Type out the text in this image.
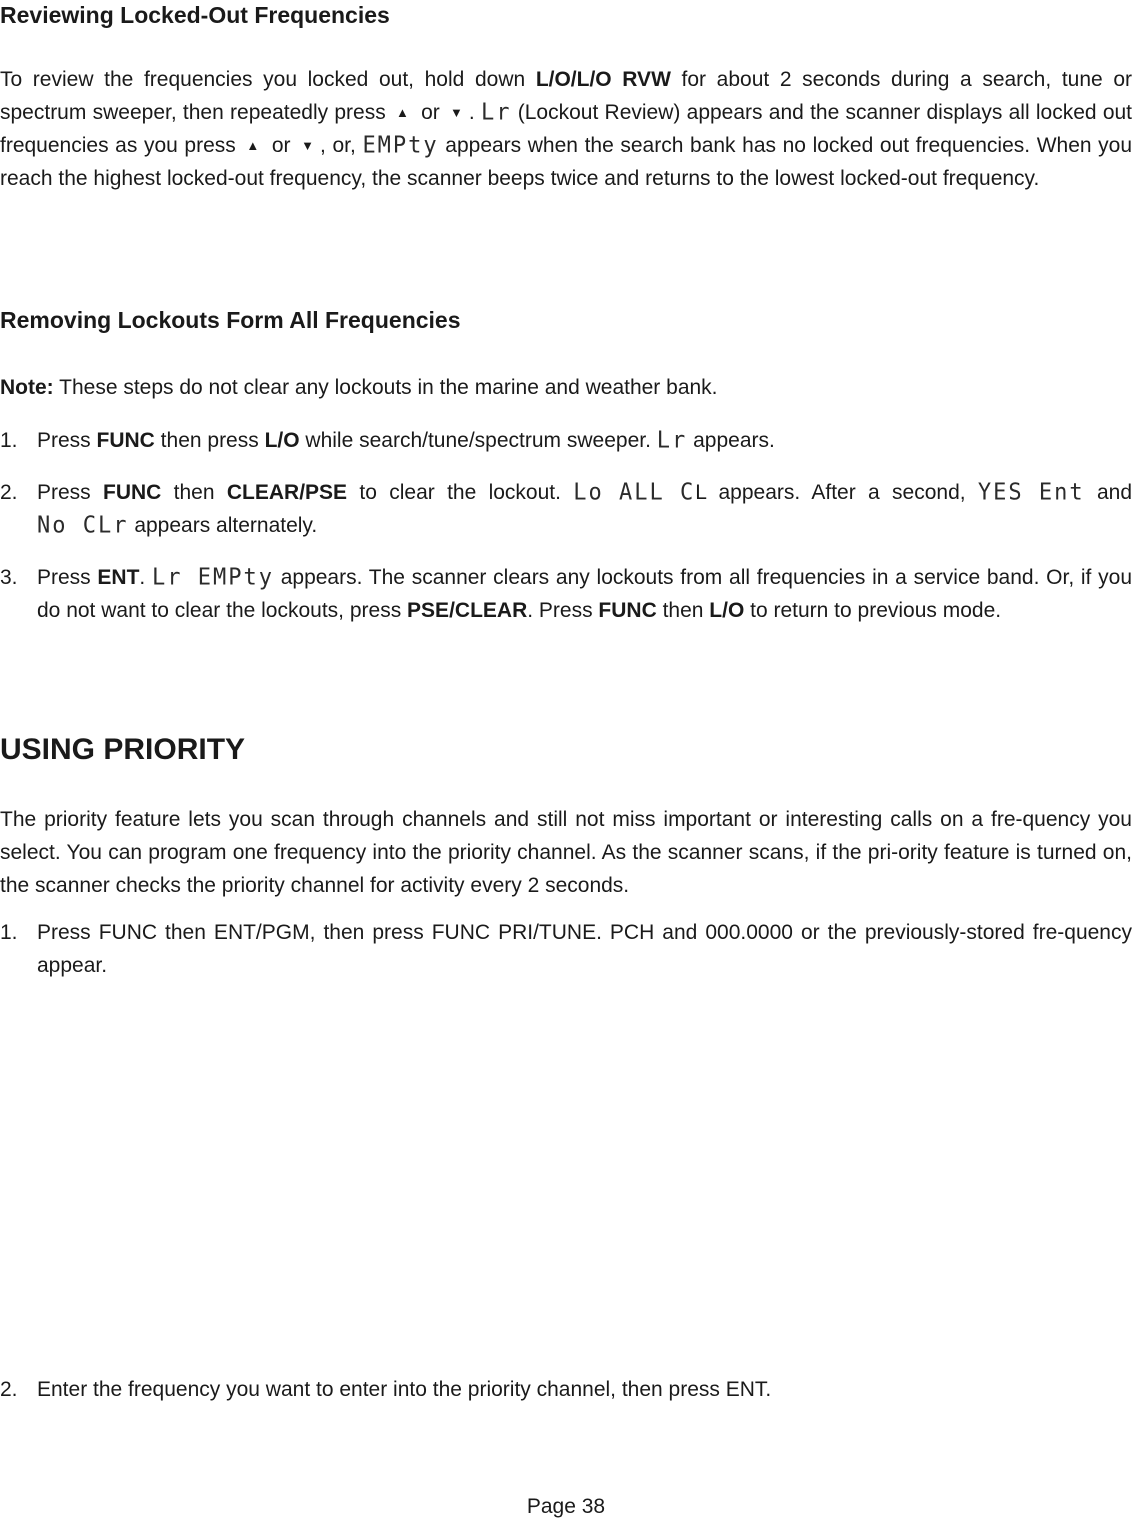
Reviewing Locked-Out Frequencies

To review the frequencies you locked out, hold down L/O/L/O RVW for about 2 seconds during a search, tune or spectrum sweeper, then repeatedly press ▲ or ▼ . Lr (Lockout Review) appears and the scanner displays all locked out frequencies as you press ▲ or ▼ , or, EMPty appears when the search bank has no locked out frequencies. When you reach the highest locked-out frequency, the scanner beeps twice and returns to the lowest locked-out frequency.

Removing Lockouts Form All Frequencies

Note: These steps do not clear any lockouts in the marine and weather bank.

1. Press FUNC then press L/O while search/tune/spectrum sweeper. Lr appears.
2. Press FUNC then CLEAR/PSE to clear the lockout. Lo ALL CL appears. After a second, YES Ent and No CLr appears alternately.
3. Press ENT. Lr EMPty appears. The scanner clears any lockouts from all frequencies in a service band. Or, if you do not want to clear the lockouts, press PSE/CLEAR. Press FUNC then L/O to return to previous mode.
USING PRIORITY

The priority feature lets you scan through channels and still not miss important or interesting calls on a fre-quency you select. You can program one frequency into the priority channel. As the scanner scans, if the pri-ority feature is turned on, the scanner checks the priority channel for activity every 2 seconds.

1. Press FUNC then ENT/PGM, then press FUNC PRI/TUNE. PCH and 000.0000 or the previously-stored fre-quency appear.
2. Enter the frequency you want to enter into the priority channel, then press ENT.
Page 38
